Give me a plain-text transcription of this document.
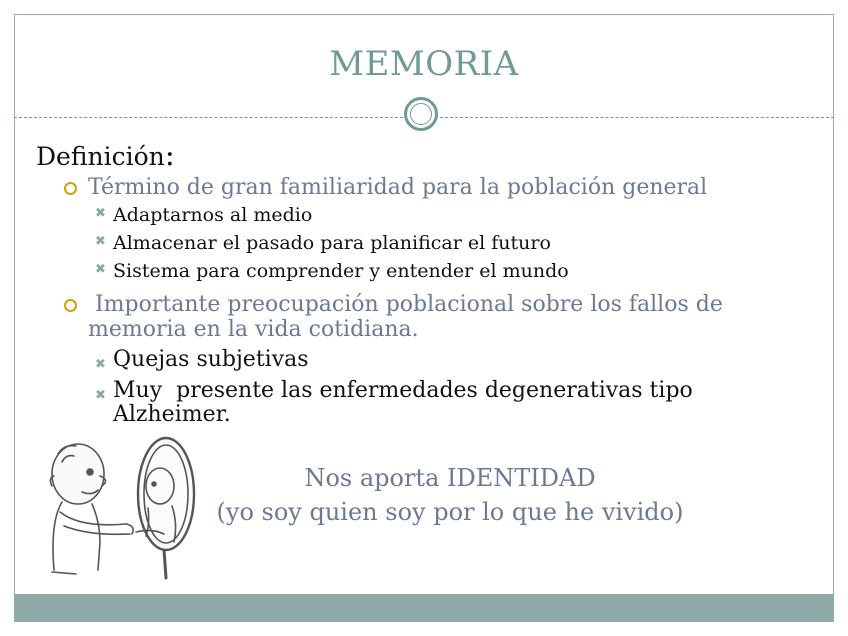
MEMORIA
Definición:
Término de gran familiaridad para la población general
✖ Adaptarnos al medio
✖ Almacenar el pasado para planificar el futuro
✖ Sistema para comprender y entender el mundo
Importante preocupación poblacional sobre los fallos de
memoria en la vida cotidiana.
✖ Quejas subjetivas
✖ Muy  presente las enfermedades degenerativas tipo
Alzheimer.
Nos aporta IDENTIDAD
(yo soy quien soy por lo que he vivido)
